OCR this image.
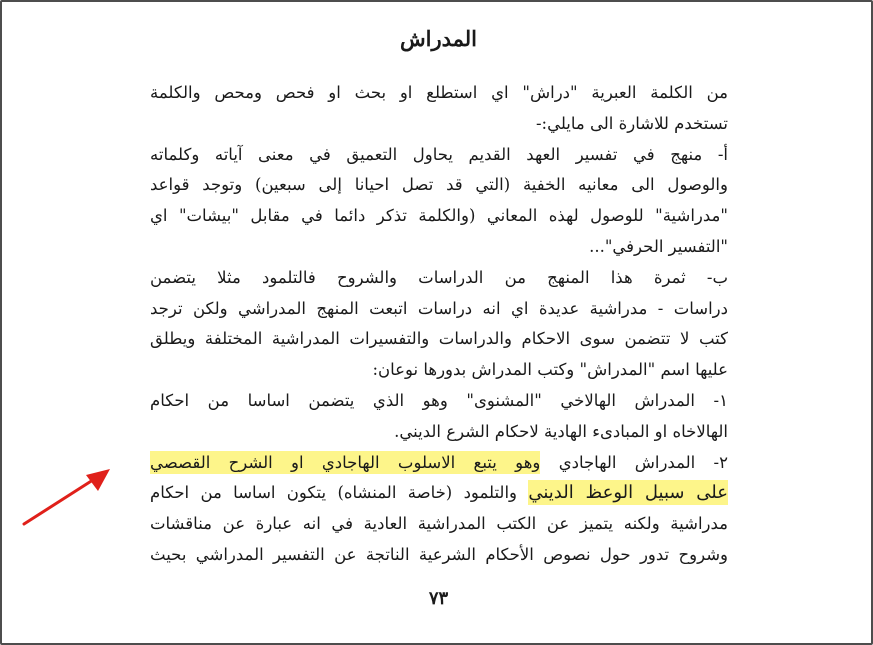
المدراش
من الكلمة العبرية "دراش" اي استطلع او بحث او فحص ومحص والكلمة
تستخدم للاشارة الى مايلي:-
أ- منهج في تفسير العهد القديم يحاول التعميق في معنى آياته وكلماته
والوصول الى معانيه الخفية (التي قد تصل احيانا إلى سبعين) وتوجد قواعد
"مدراشية" للوصول لهذه المعاني (والكلمة تذكر دائما في مقابل "بيشات" اي
"التفسير الحرفي"...
ب- ثمرة هذا المنهج من الدراسات والشروح فالتلمود مثلا يتضمن
دراسات - مدراشية عديدة اي انه دراسات اتبعت المنهج المدراشي ولكن ترجد
كتب لا تتضمن سوى الاحكام والدراسات والتفسيرات المدراشية المختلفة ويطلق
عليها اسم "المدراش" وكتب المدراش بدورها نوعان:
١- المدراش الهالاخي "المشنوى" وهو الذي يتضمن اساسا من احكام
الهالاخاه او المبادىء الهادية لاحكام الشرع الديني.
٢- المدراش الهاجادي وهو يتبع الاسلوب الهاجادي او الشرح القصصي
على سبيل الوعظ الديني والتلمود (خاصة المنشاه) يتكون اساسا من احكام
مدراشية ولكنه يتميز عن الكتب المدراشية العادية في انه عبارة عن مناقشات
وشروح تدور حول نصوص الأحكام الشرعية الناتجة عن التفسير المدراشي بحيث
٧٣
